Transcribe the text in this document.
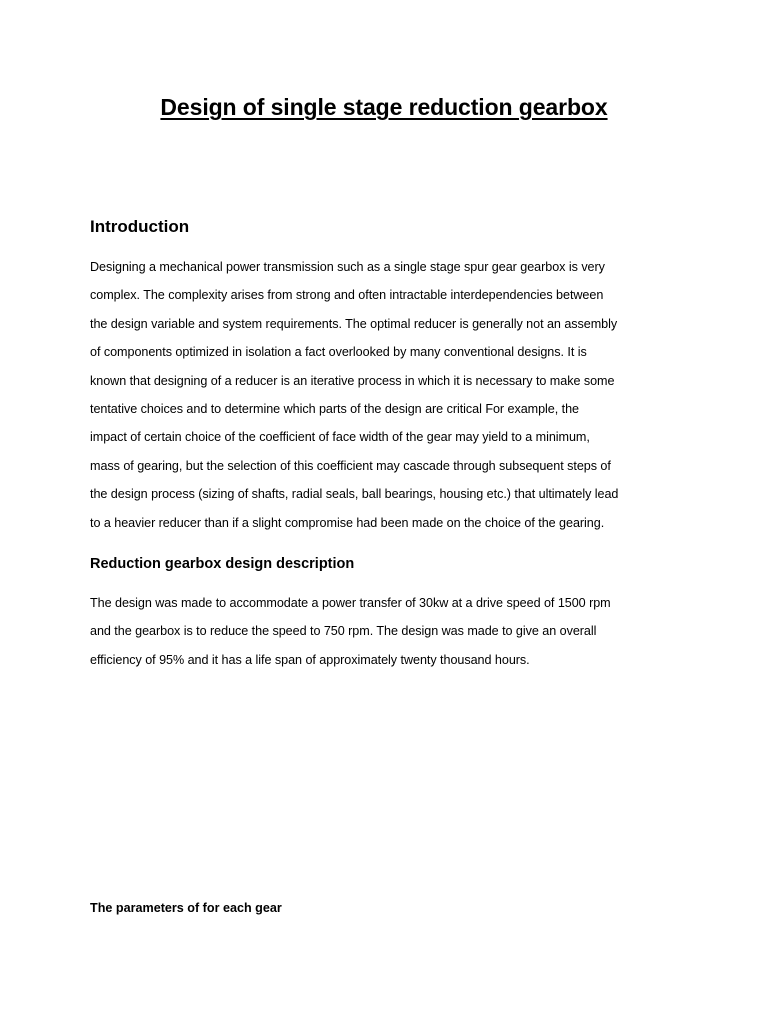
Design of single stage reduction gearbox
Introduction
Designing a mechanical power transmission such as a single stage spur gear gearbox is very
complex. The complexity arises from strong and often intractable interdependencies between
the design variable and system requirements. The optimal reducer is generally not an assembly
of components optimized in isolation a fact overlooked by many conventional designs. It is
known that designing of a reducer is an iterative process in which it is necessary to make some
tentative choices and to determine which parts of the design are critical For example, the
impact of certain choice of the coefficient of face width of the gear may yield to a minimum,
mass of gearing, but the selection of this coefficient may cascade through subsequent steps of
the design process (sizing of shafts, radial seals, ball bearings, housing etc.) that ultimately lead
to a heavier reducer than if a slight compromise had been made on the choice of the gearing.
Reduction gearbox design description
The design was made to accommodate a power transfer of 30kw at a drive speed of 1500 rpm
and the gearbox is to reduce the speed to 750 rpm. The design was made to give an overall
efficiency of 95% and it has a life span of approximately twenty thousand hours.
The parameters of for each gear
